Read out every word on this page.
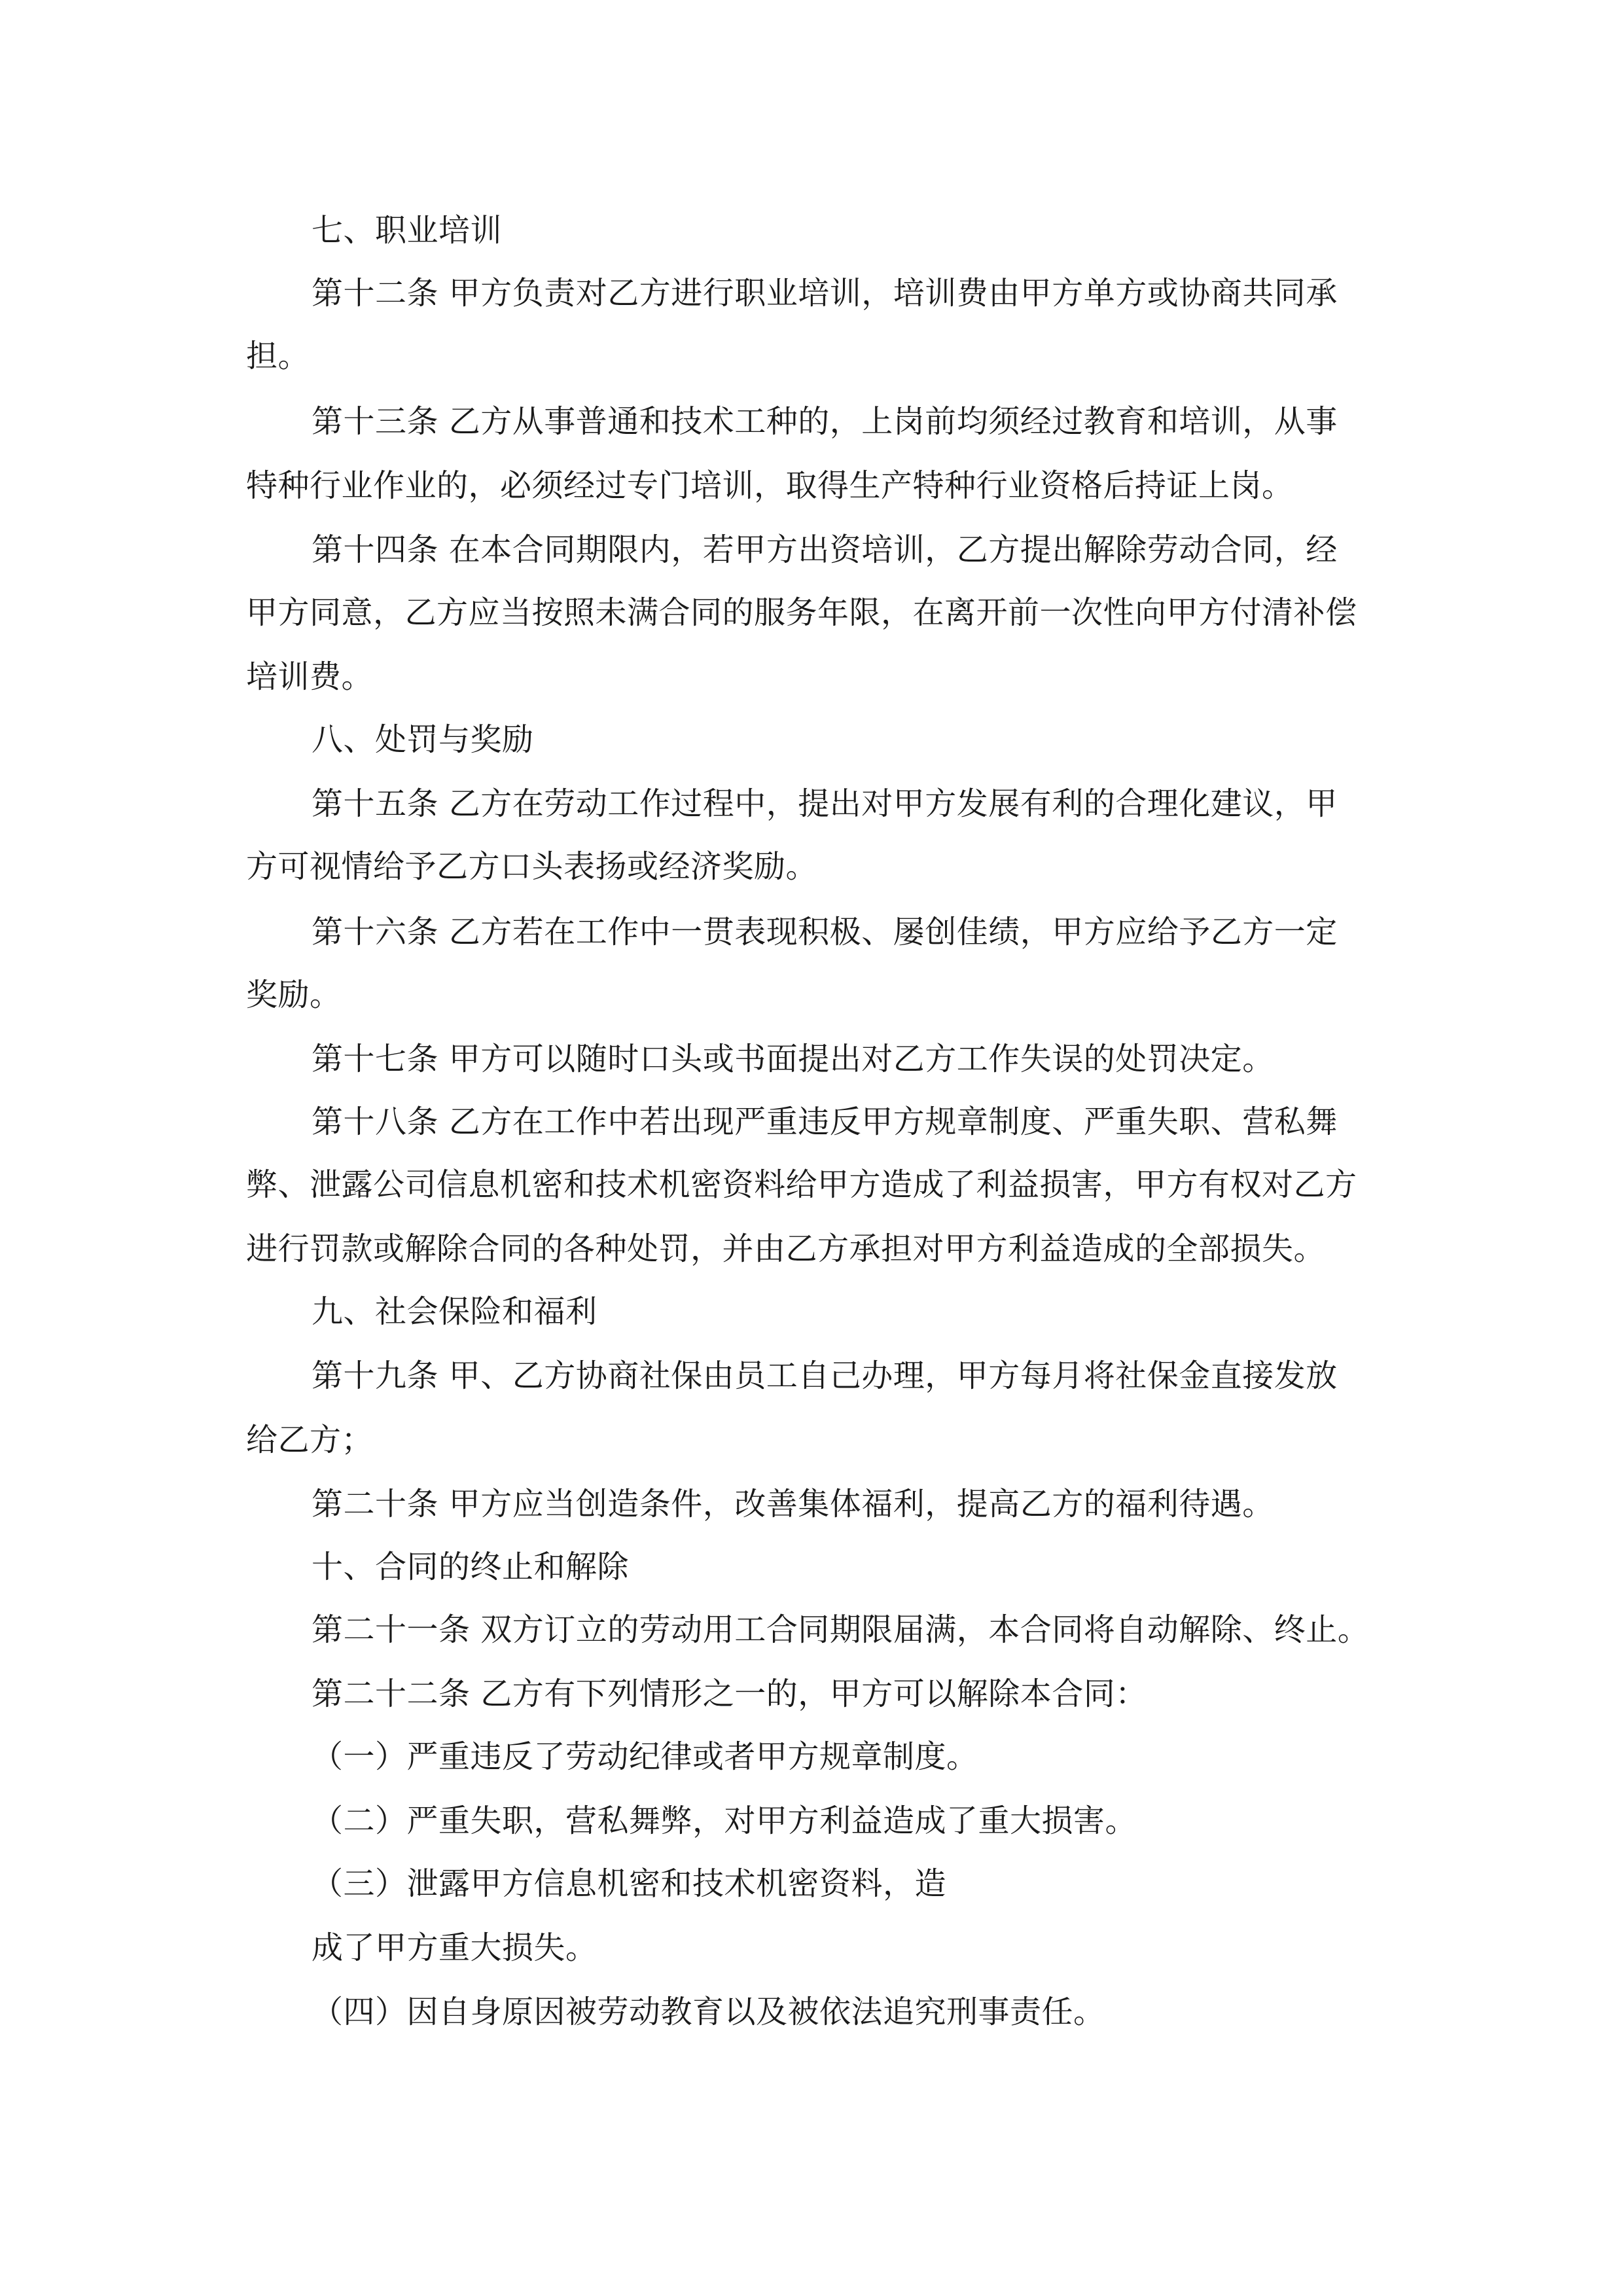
七、职业培训
第十二条 甲方负责对乙方进行职业培训，培训费由甲方单方或协商共同承
担。
第十三条 乙方从事普通和技术工种的，上岗前均须经过教育和培训，从事
特种行业作业的，必须经过专门培训，取得生产特种行业资格后持证上岗。
第十四条 在本合同期限内，若甲方出资培训，乙方提出解除劳动合同，经
甲方同意，乙方应当按照未满合同的服务年限，在离开前一次性向甲方付清补偿
培训费。
八、处罚与奖励
第十五条 乙方在劳动工作过程中，提出对甲方发展有利的合理化建议，甲
方可视情给予乙方口头表扬或经济奖励。
第十六条 乙方若在工作中一贯表现积极、屡创佳绩，甲方应给予乙方一定
奖励。
第十七条 甲方可以随时口头或书面提出对乙方工作失误的处罚决定。
第十八条 乙方在工作中若出现严重违反甲方规章制度、严重失职、营私舞
弊、泄露公司信息机密和技术机密资料给甲方造成了利益损害，甲方有权对乙方
进行罚款或解除合同的各种处罚，并由乙方承担对甲方利益造成的全部损失。
九、社会保险和福利
第十九条 甲、乙方协商社保由员工自己办理，甲方每月将社保金直接发放
给乙方；
第二十条 甲方应当创造条件，改善集体福利，提高乙方的福利待遇。
十、合同的终止和解除
第二十一条 双方订立的劳动用工合同期限届满，本合同将自动解除、终止。
第二十二条 乙方有下列情形之一的，甲方可以解除本合同：
（一）严重违反了劳动纪律或者甲方规章制度。
（二）严重失职，营私舞弊，对甲方利益造成了重大损害。
（三）泄露甲方信息机密和技术机密资料，造
成了甲方重大损失。
（四）因自身原因被劳动教育以及被依法追究刑事责任。
